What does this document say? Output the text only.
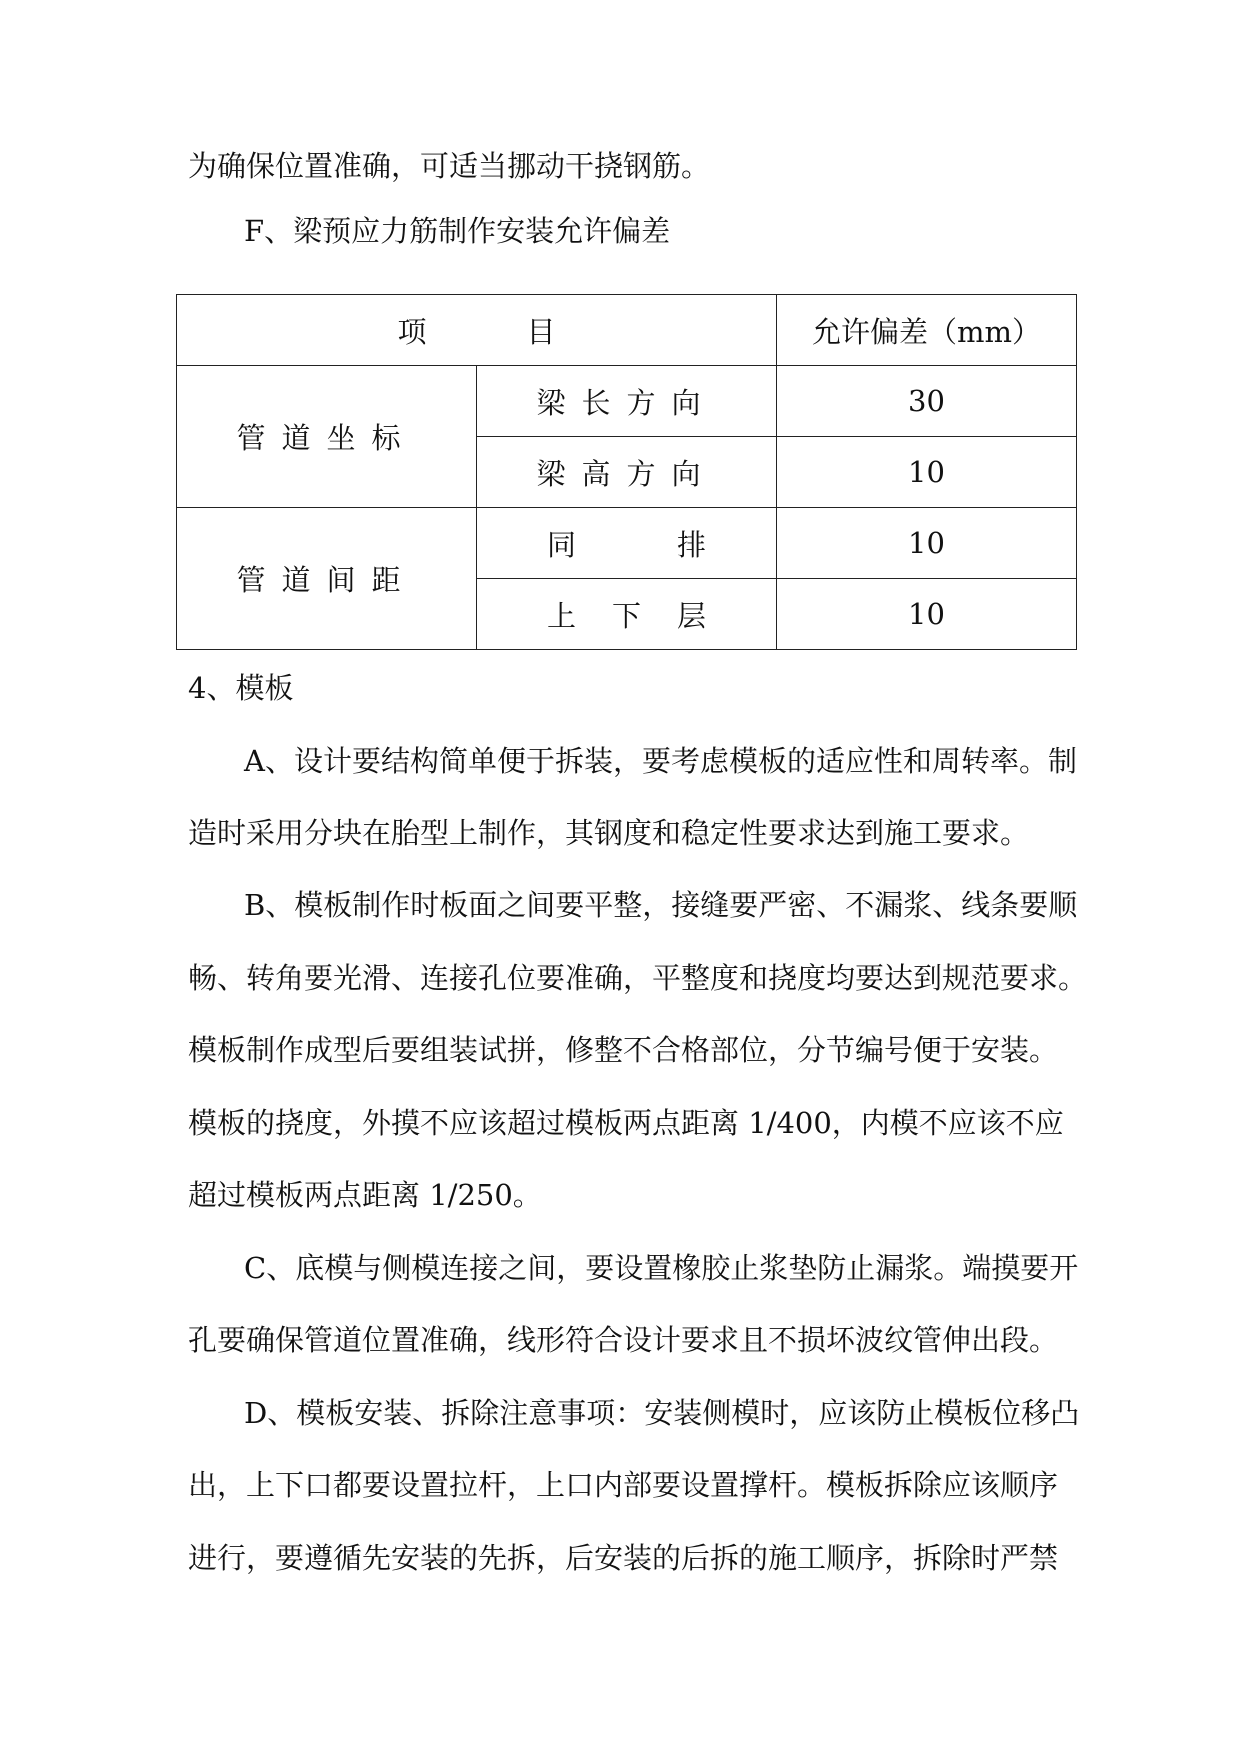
为确保位置准确，可适当挪动干挠钢筋。
F、梁预应力筋制作安装允许偏差
项 目		允许偏差（mm）
管道坐标	梁长方向	30
	梁高方向	10
管道间距	同 排	10

	上 下 层	10
4、模板
A、设计要结构简单便于拆装，要考虑模板的适应性和周转率。制
造时采用分块在胎型上制作，其钢度和稳定性要求达到施工要求。
B、模板制作时板面之间要平整，接缝要严密、不漏浆、线条要顺
畅、转角要光滑、连接孔位要准确，平整度和挠度均要达到规范要求。
模板制作成型后要组装试拼，修整不合格部位，分节编号便于安装。
模板的挠度，外摸不应该超过模板两点距离 1/400，内模不应该不应
超过模板两点距离 1/250。
C、底模与侧模连接之间，要设置橡胶止浆垫防止漏浆。端摸要开
孔要确保管道位置准确，线形符合设计要求且不损坏波纹管伸出段。
D、模板安装、拆除注意事项：安装侧模时，应该防止模板位移凸
出，上下口都要设置拉杆，上口内部要设置撑杆。模板拆除应该顺序
进行，要遵循先安装的先拆，后安装的后拆的施工顺序，拆除时严禁
